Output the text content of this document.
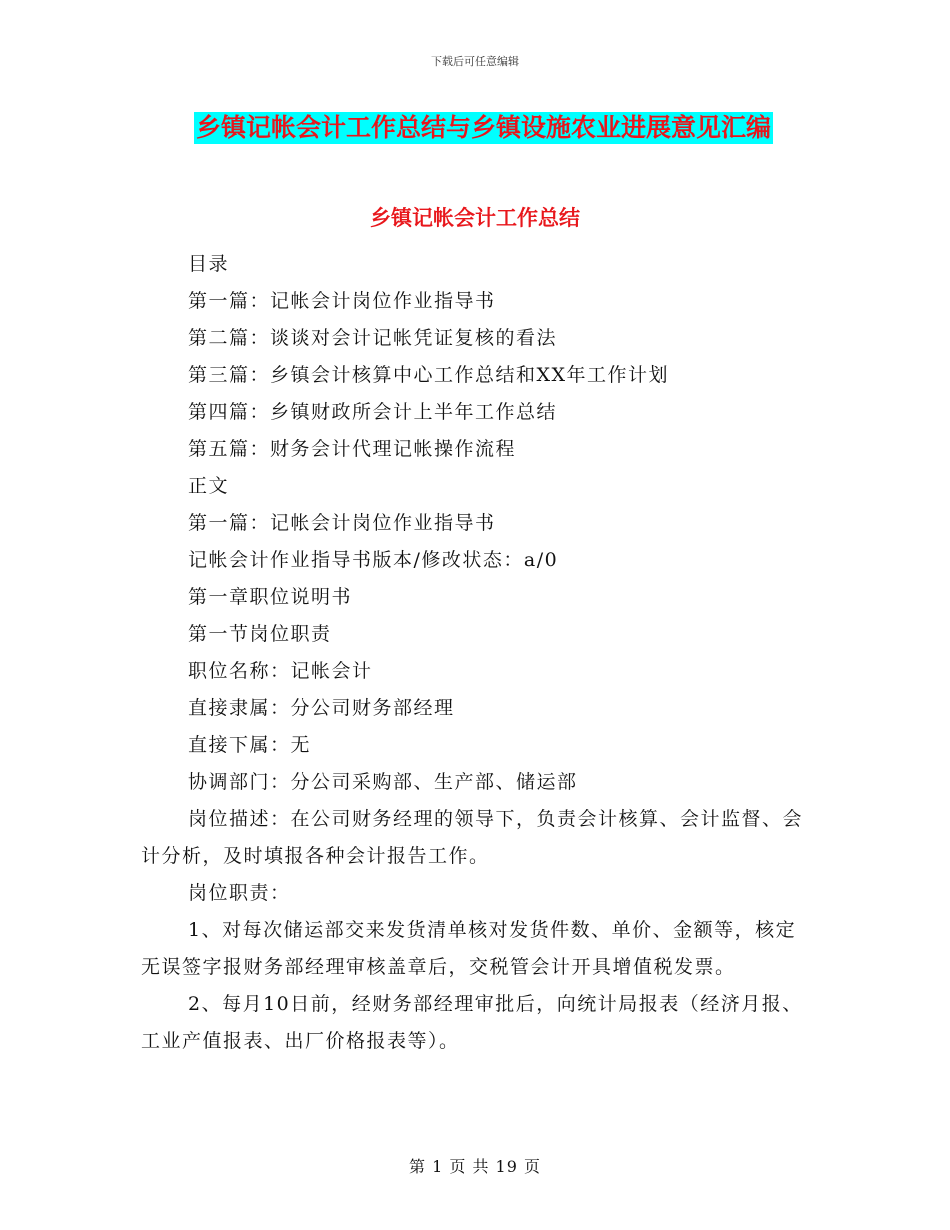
下载后可任意编辑
乡镇记帐会计工作总结与乡镇设施农业进展意见汇编
乡镇记帐会计工作总结

目录

第一篇：记帐会计岗位作业指导书

第二篇：谈谈对会计记帐凭证复核的看法

第三篇：乡镇会计核算中心工作总结和XX年工作计划

第四篇：乡镇财政所会计上半年工作总结

第五篇：财务会计代理记帐操作流程

正文

第一篇：记帐会计岗位作业指导书

记帐会计作业指导书版本/修改状态：a/0

第一章职位说明书

第一节岗位职责

职位名称：记帐会计

直接隶属：分公司财务部经理

直接下属：无

协调部门：分公司采购部、生产部、储运部

岗位描述：在公司财务经理的领导下，负责会计核算、会计监督、会计分析，及时填报各种会计报告工作。

岗位职责：

1、对每次储运部交来发货清单核对发货件数、单价、金额等，核定无误签字报财务部经理审核盖章后，交税管会计开具增值税发票。

2、每月10日前，经财务部经理审批后，向统计局报表（经济月报、工业产值报表、出厂价格报表等）。

第 1 页 共 19 页
